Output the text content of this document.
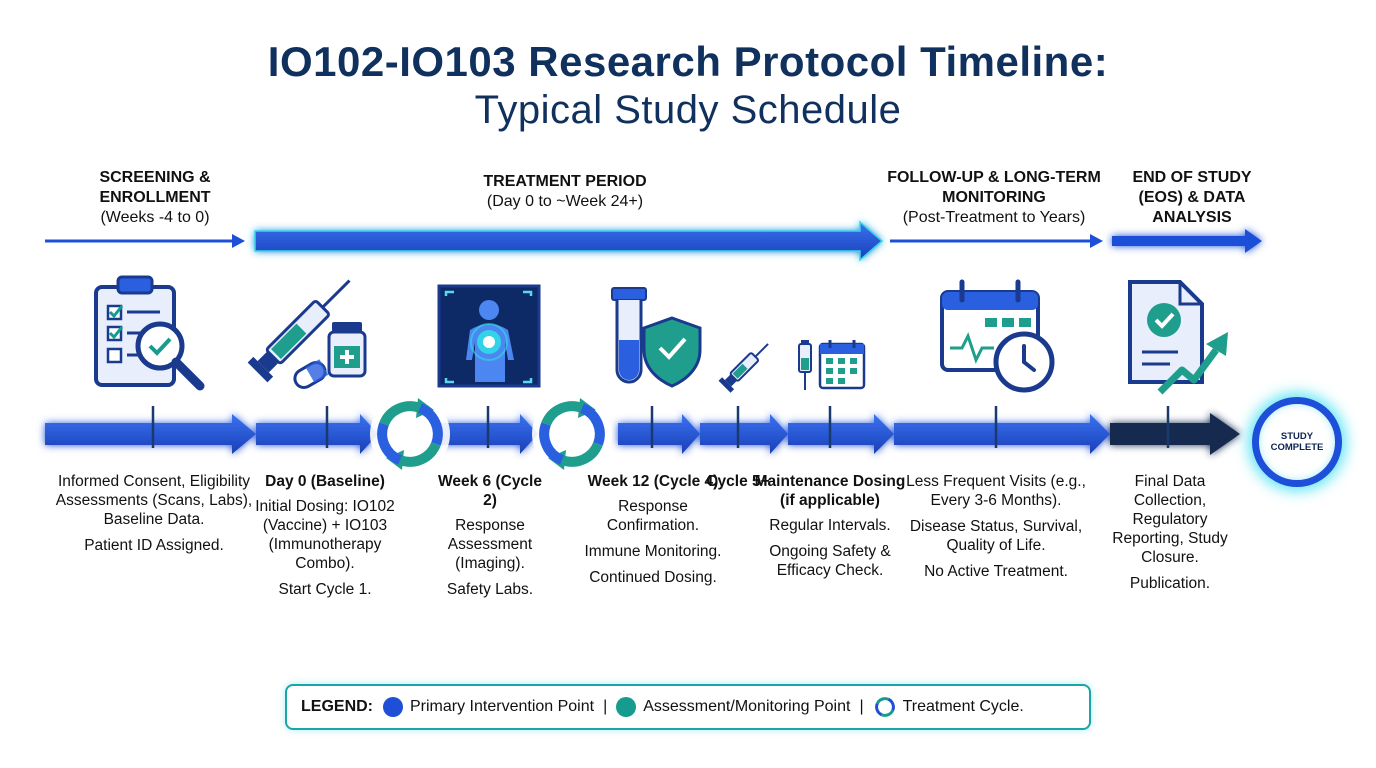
IO102-IO103 Research Protocol Timeline:
Typical Study Schedule
SCREENING & ENROLLMENT
(Weeks -4 to 0)
TREATMENT PERIOD
(Day 0 to ~Week 24+)
FOLLOW-UP & LONG-TERM MONITORING
(Post-Treatment to Years)
END OF STUDY (EOS) & DATA ANALYSIS
STUDY COMPLETE
Informed Consent, Eligibility Assessments (Scans, Labs), Baseline Data.
Patient ID Assigned.
Day 0 (Baseline)
Initial Dosing: IO102 (Vaccine) + IO103 (Immunotherapy Combo).
Start Cycle 1.
Week 6 (Cycle 2)
Response Assessment (Imaging).
Safety Labs.
Week 12 (Cycle 4)
Response Confirmation.
Immune Monitoring.
Continued Dosing.
Cycle 5+
Maintenance Dosing (if applicable)
Regular Intervals.
Ongoing Safety & Efficacy Check.
Less Frequent Visits (e.g., Every 3-6 Months).
Disease Status, Survival, Quality of Life.
No Active Treatment.
Final Data Collection, Regulatory Reporting, Study Closure.
Publication.
LEGEND: Primary Intervention Point | Assessment/Monitoring Point | Treatment Cycle.
